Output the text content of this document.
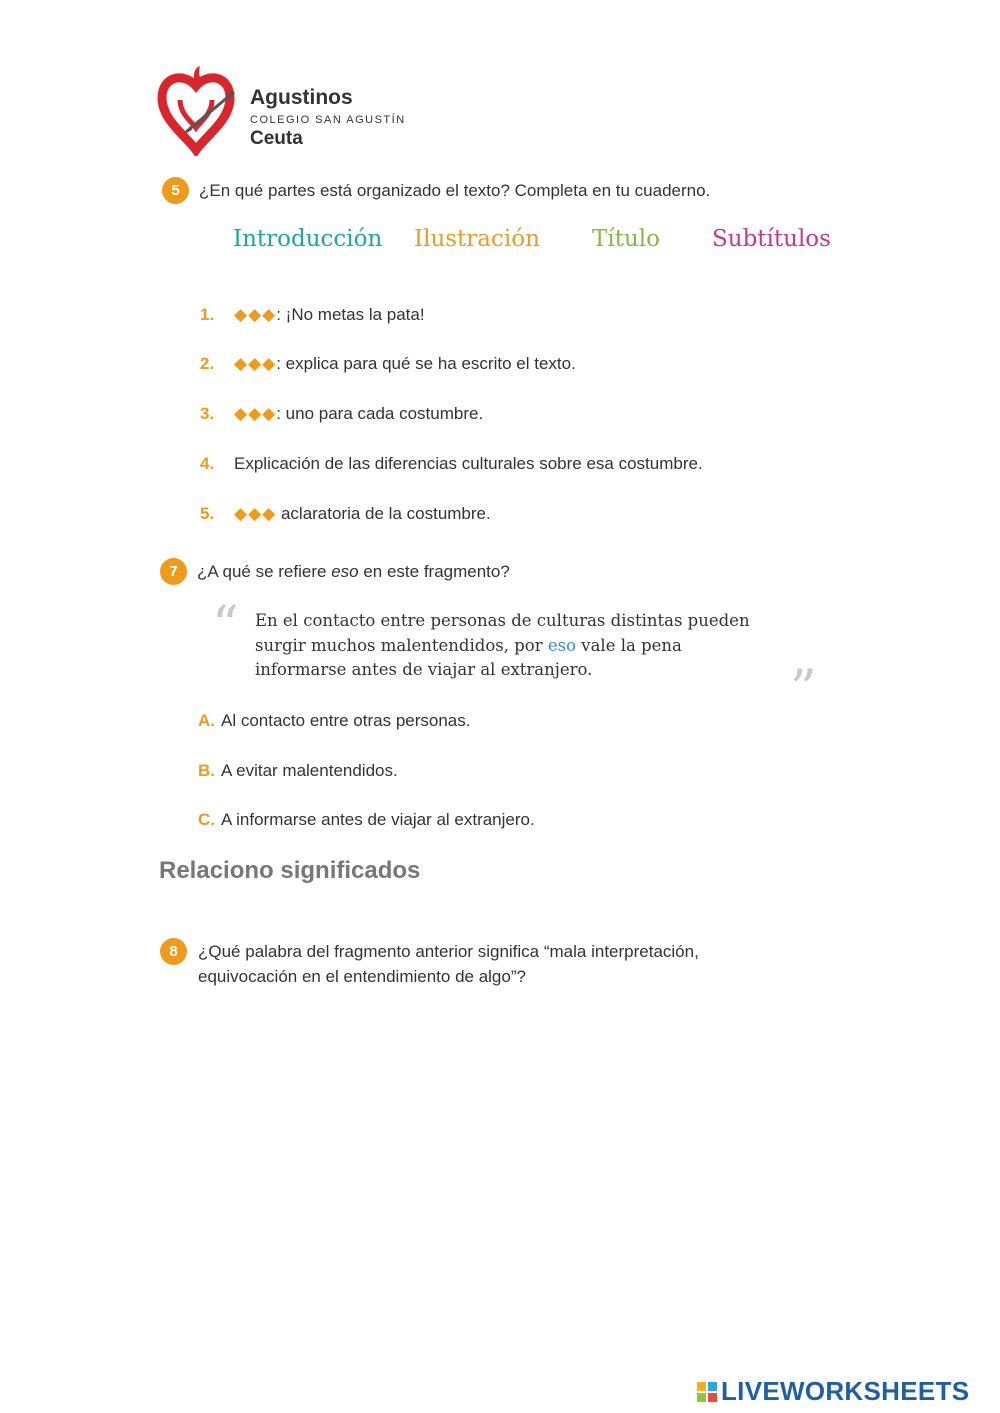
Agustinos
COLEGIO SAN AGUSTÍN
Ceuta
5	¿En qué partes está organizado el texto? Completa en tu cuaderno.
Introducción Ilustración Título Subtítulos
1. ◆◆◆: ¡No metas la pata!
2. ◆◆◆: explica para qué se ha escrito el texto.
3. ◆◆◆: uno para cada costumbre.
4. Explicación de las diferencias culturales sobre esa costumbre.
5. ◆◆◆ aclaratoria de la costumbre.
7	¿A qué se refiere eso en este fragmento?
“ En el contacto entre personas de culturas distintas pueden surgir muchos malentendidos, por eso vale la pena informarse antes de viajar al extranjero.	”
A. Al contacto entre otras personas.
B. A evitar malentendidos.
C. A informarse antes de viajar al extranjero.
Relaciono significados
8	¿Qué palabra del fragmento anterior significa “mala interpretación,
equivocación en el entendimiento de algo”?
LIVEWORKSHEETS
